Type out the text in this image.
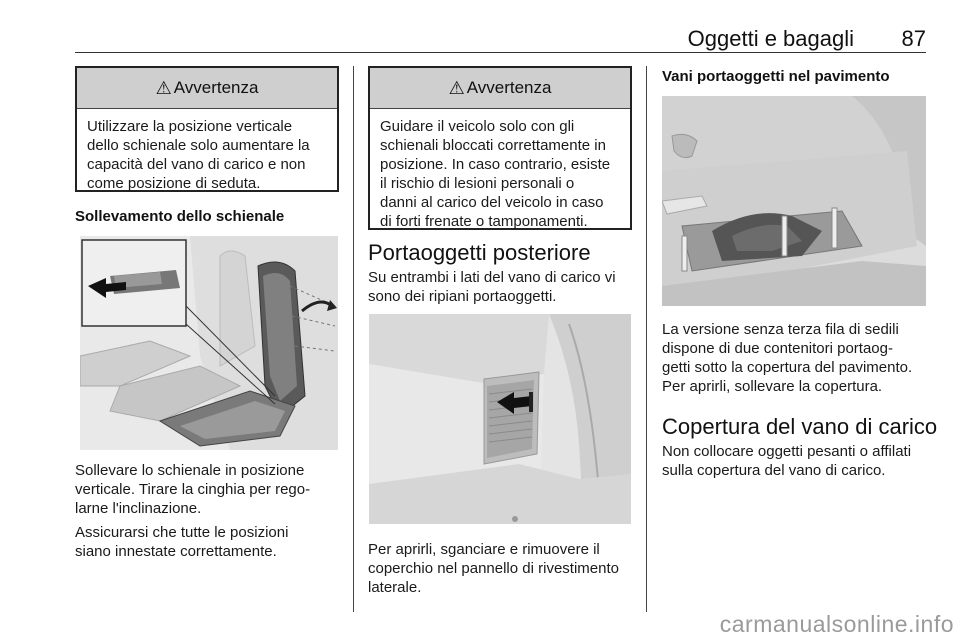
Oggetti e bagagli 87
⚠ Avvertenza
Utilizzare la posizione verticale
dello schienale solo aumentare la
capacità del vano di carico e non
come posizione di seduta.
Sollevamento dello schienale
Sollevare lo schienale in posizione
verticale. Tirare la cinghia per rego-
larne l'inclinazione.
Assicurarsi che tutte le posizioni
siano innestate correttamente.
⚠ Avvertenza
Guidare il veicolo solo con gli
schienali bloccati correttamente in
posizione. In caso contrario, esiste
il rischio di lesioni personali o
danni al carico del veicolo in caso
di forti frenate o tamponamenti.
Portaoggetti posteriore
Su entrambi i lati del vano di carico vi
sono dei ripiani portaoggetti.
Per aprirli, sganciare e rimuovere il
coperchio nel pannello di rivestimento
laterale.
Vani portaoggetti nel pavimento
La versione senza terza fila di sedili
dispone di due contenitori portaog-
getti sotto la copertura del pavimento.
Per aprirli, sollevare la copertura.
Copertura del vano di carico
Non collocare oggetti pesanti o affilati
sulla copertura del vano di carico.
carmanualsonline.info
